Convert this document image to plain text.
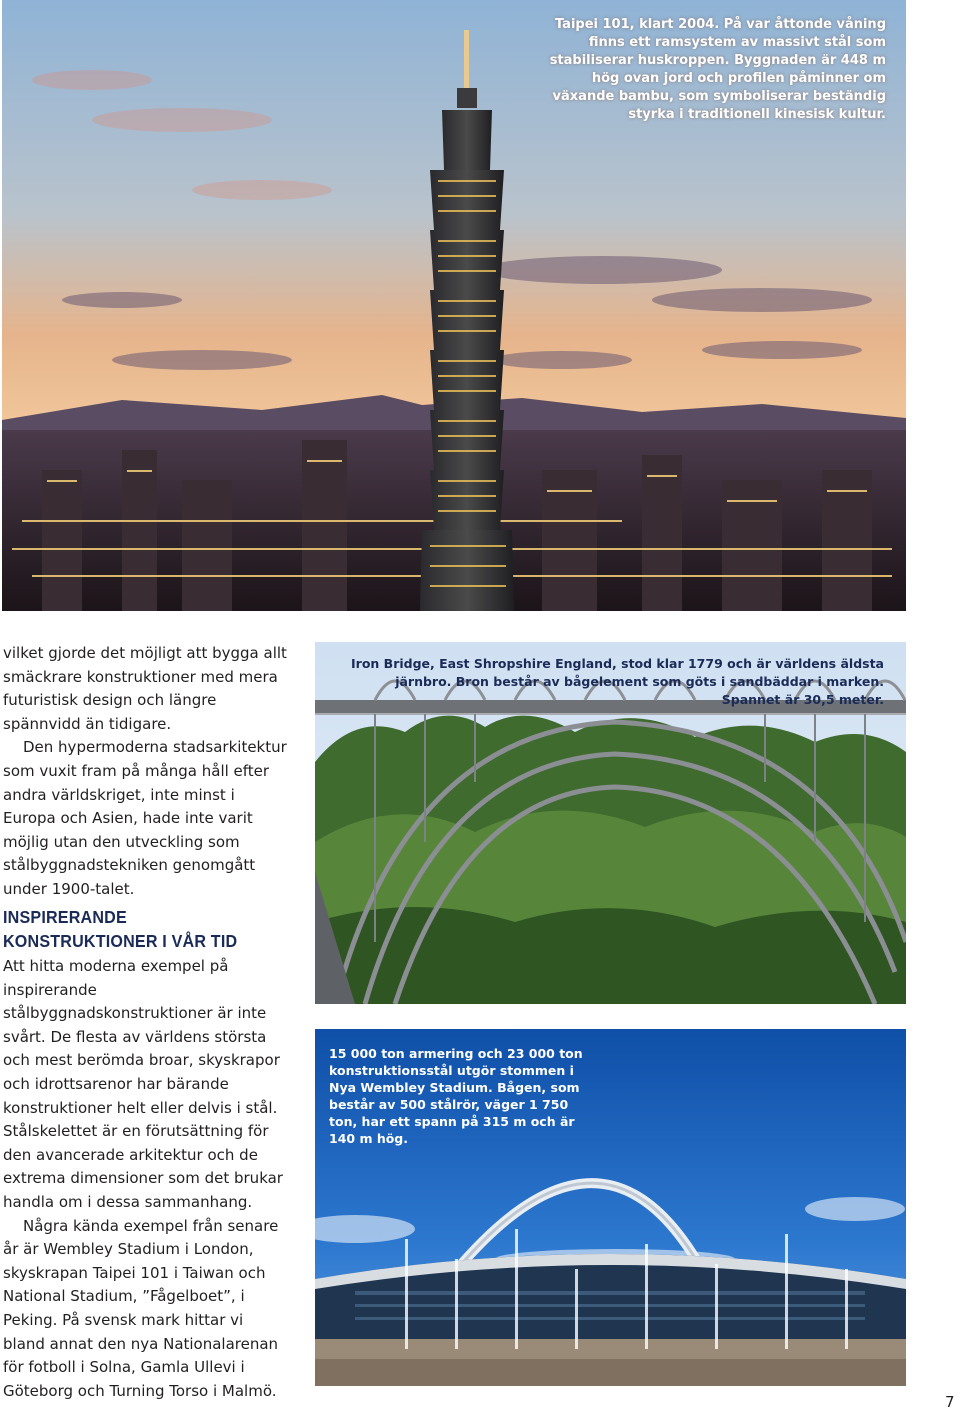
Taipei 101, klart 2004. På var åttonde våning finns ett ramsystem av massivt stål som stabiliserar huskroppen. Byggnaden är 448 m hög ovan jord och profilen påminner om växande bambu, som symboliserar beständig styrka i traditionell kinesisk kultur.
vilket gjorde det möjligt att bygga allt smäckrare konstruktioner med mera futuristisk design och längre spännvidd än tidigare.
Den hypermoderna stadsarkitektur som vuxit fram på många håll efter andra världskriget, inte minst i Europa och Asien, hade inte varit möjlig utan den utveckling som stålbyggnadstekniken genomgått under 1900-talet.
INSPIRERANDE KONSTRUKTIONER I VÅR TID
Att hitta moderna exempel på inspirerande stålbyggnadskonstruktioner är inte svårt. De flesta av världens största och mest berömda broar, skyskrapor och idrottsarenor har bärande konstruktioner helt eller delvis i stål. Stålskelettet är en förutsättning för den avancerade arkitektur och de extrema dimensioner som det brukar handla om i dessa sammanhang.
Några kända exempel från senare år är Wembley Stadium i London, skyskrapan Taipei 101 i Taiwan och National Stadium, ”Fågelboet”, i Peking. På svensk mark hittar vi bland annat den nya Nationalarenan för fotboll i Solna, Gamla Ullevi i Göteborg och Turning Torso i Malmö.
Iron Bridge, East Shropshire England, stod klar 1779 och är världens äldsta järnbro. Bron består av bågelement som göts i sandbäddar i marken. Spannet är 30,5 meter.
15 000 ton armering och 23 000 ton konstruktionsstål utgör stommen i Nya Wembley Stadium. Bågen, som består av 500 stålrör, väger 1 750 ton, har ett spann på 315 m och är 140 m hög.
7
